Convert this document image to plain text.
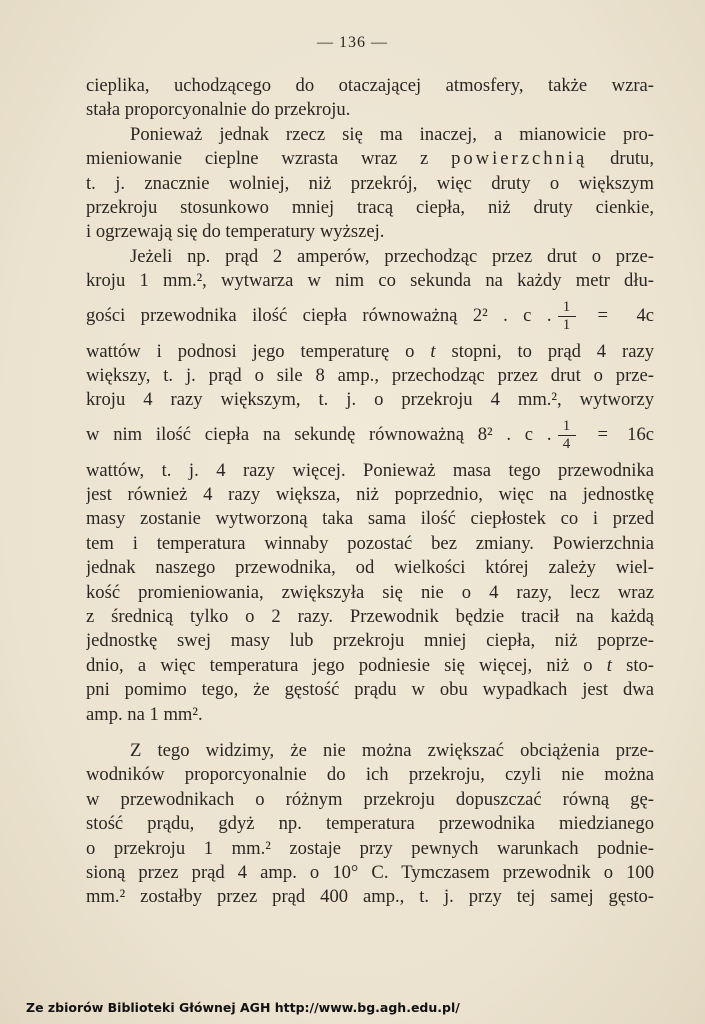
— 136 —
cieplika, uchodzącego do otaczającej atmosfery, także wzra-
stała proporcyonalnie do przekroju.
Ponieważ jednak rzecz się ma inaczej, a mianowicie pro-
mieniowanie cieplne wzrasta wraz z powierzchnią drutu,
t. j. znacznie wolniej, niż przekrój, więc druty o większym
przekroju stosunkowo mniej tracą ciepła, niż druty cienkie,
i ogrzewają się do temperatury wyższej.
Jeżeli np. prąd 2 amperów, przechodząc przez drut o prze-
kroju 1 mm.², wytwarza w nim co sekunda na każdy metr dłu-
gości przewodnika ilość ciepła równoważną 2² . c . $\frac{1}{1}$ =	4c
wattów i podnosi jego temperaturę o t stopni, to prąd 4 razy
większy, t. j. prąd o sile 8 amp., przechodząc przez drut o prze-
kroju 4 razy większym, t. j. o przekroju 4 mm.², wytworzy
w nim ilość ciepła na sekundę równoważną 8² . c . $\frac{1}{4} = 16c$
wattów, t. j. 4 razy więcej. Ponieważ masa tego przewodnika
jest również 4 razy większa, niż poprzednio, więc na jednostkę
masy zostanie wytworzoną taka sama ilość ciepłostek co i przed
tem i temperatura winnaby pozostać bez zmiany. Powierzchnia
jednak naszego przewodnika, od wielkości której zależy wiel-
kość promieniowania, zwiększyła się nie o 4 razy, lecz wraz
z średnicą tylko o 2 razy. Przewodnik będzie tracił na każdą
jednostkę swej masy lub przekroju mniej ciepła, niż poprze-
dnio, a więc temperatura jego podniesie się więcej, niż o t sto-
pni pomimo tego, że gęstość prądu w obu wypadkach jest dwa
amp. na 1 mm².
Z tego widzimy, że nie można zwiększać obciążenia prze-
wodników proporcyonalnie do ich przekroju, czyli nie można
w przewodnikach o różnym przekroju dopuszczać równą gę-
stość prądu, gdyż np. temperatura przewodnika miedzianego
o przekroju 1 mm.² zostaje przy pewnych warunkach podnie-
sioną przez prąd 4 amp. o 10° C. Tymczasem przewodnik o 100
mm.² zostałby przez prąd 400 amp., t. j. przy tej samej gęsto-
Ze zbiorów Biblioteki Głównej AGH http://www.bg.agh.edu.pl/
